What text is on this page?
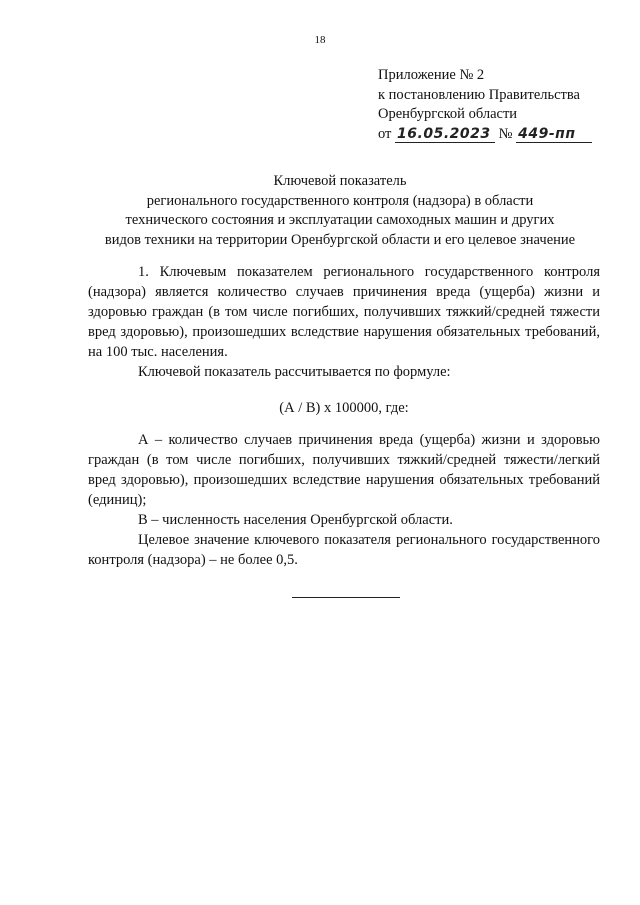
18
Приложение № 2
к постановлению Правительства
Оренбургской области
от 16.05.2023 № 449-пп
Ключевой показатель
регионального государственного контроля (надзора) в области
технического состояния и эксплуатации самоходных машин и других
видов техники на территории Оренбургской области и его целевое значение

1. Ключевым показателем регионального государственного контроля (надзора) является количество случаев причинения вреда (ущерба) жизни и здоровью граждан (в том числе погибших, получивших тяжкий/средней тяжести вред здоровью), произошедших вследствие нарушения обязательных требований, на 100 тыс. населения.

Ключевой показатель рассчитывается по формуле:

(А / В) х 100000, где:

А – количество случаев причинения вреда (ущерба) жизни и здоровью граждан (в том числе погибших, получивших тяжкий/средней тяжести/легкий вред здоровью), произошедших вследствие нарушения обязательных требований (единиц);

В – численность населения Оренбургской области.

Целевое значение ключевого показателя регионального государственного контроля (надзора) – не более 0,5.
